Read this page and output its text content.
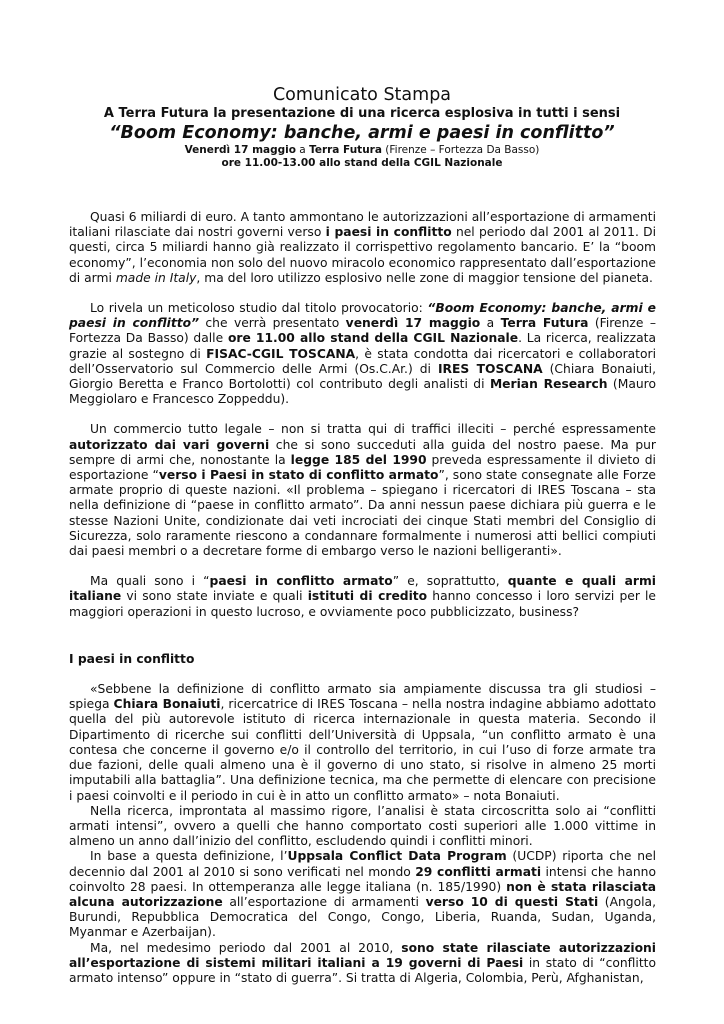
Comunicato Stampa
A Terra Futura la presentazione di una ricerca esplosiva in tutti i sensi
“Boom Economy: banche, armi e paesi in conflitto”
Venerdì 17 maggio a Terra Futura (Firenze – Fortezza Da Basso)
ore 11.00-13.00 allo stand della CGIL Nazionale

Quasi 6 miliardi di euro. A tanto ammontano le autorizzazioni all’esportazione di armamenti italiani rilasciate dai nostri governi verso i paesi in conflitto nel periodo dal 2001 al 2011. Di questi, circa 5 miliardi hanno già realizzato il corrispettivo regolamento bancario. E’ la “boom economy”, l’economia non solo del nuovo miracolo economico rappresentato dall’esportazione di armi made in Italy, ma del loro utilizzo esplosivo nelle zone di maggior tensione del pianeta.

Lo rivela un meticoloso studio dal titolo provocatorio: “Boom Economy: banche, armi e paesi in conflitto” che verrà presentato venerdì 17 maggio a Terra Futura (Firenze – Fortezza Da Basso) dalle ore 11.00 allo stand della CGIL Nazionale. La ricerca, realizzata grazie al sostegno di FISAC-CGIL TOSCANA, è stata condotta dai ricercatori e collaboratori dell’Osservatorio sul Commercio delle Armi (Os.C.Ar.) di IRES TOSCANA (Chiara Bonaiuti, Giorgio Beretta e Franco Bortolotti) col contributo degli analisti di Merian Research (Mauro Meggiolaro e Francesco Zoppeddu).

Un commercio tutto legale – non si tratta qui di traffici illeciti – perché espressamente autorizzato dai vari governi che si sono succeduti alla guida del nostro paese. Ma pur sempre di armi che, nonostante la legge 185 del 1990 preveda espressamente il divieto di esportazione “verso i Paesi in stato di conflitto armato”, sono state consegnate alle Forze armate proprio di queste nazioni. «Il problema – spiegano i ricercatori di IRES Toscana – sta nella definizione di “paese in conflitto armato”. Da anni nessun paese dichiara più guerra e le stesse Nazioni Unite, condizionate dai veti incrociati dei cinque Stati membri del Consiglio di Sicurezza, solo raramente riescono a condannare formalmente i numerosi atti bellici compiuti dai paesi membri o a decretare forme di embargo verso le nazioni belligeranti».

Ma quali sono i “paesi in conflitto armato” e, soprattutto, quante e quali armi italiane vi sono state inviate e quali istituti di credito hanno concesso i loro servizi per le maggiori operazioni in questo lucroso, e ovviamente poco pubblicizzato, business?

I paesi in conflitto

«Sebbene la definizione di conflitto armato sia ampiamente discussa tra gli studiosi – spiega Chiara Bonaiuti, ricercatrice di IRES Toscana – nella nostra indagine abbiamo adottato quella del più autorevole istituto di ricerca internazionale in questa materia. Secondo il Dipartimento di ricerche sui conflitti dell’Università di Uppsala, “un conflitto armato è una contesa che concerne il governo e/o il controllo del territorio, in cui l’uso di forze armate tra due fazioni, delle quali almeno una è il governo di uno stato, si risolve in almeno 25 morti imputabili alla battaglia”. Una definizione tecnica, ma che permette di elencare con precisione i paesi coinvolti e il periodo in cui è in atto un conflitto armato» – nota Bonaiuti.

Nella ricerca, improntata al massimo rigore, l’analisi è stata circoscritta solo ai “conflitti armati intensi”, ovvero a quelli che hanno comportato costi superiori alle 1.000 vittime in almeno un anno dall’inizio del conflitto, escludendo quindi i conflitti minori.

In base a questa definizione, l’Uppsala Conflict Data Program (UCDP) riporta che nel decennio dal 2001 al 2010 si sono verificati nel mondo 29 conflitti armati intensi che hanno coinvolto 28 paesi. In ottemperanza alle legge italiana (n. 185/1990) non è stata rilasciata alcuna autorizzazione all’esportazione di armamenti verso 10 di questi Stati (Angola, Burundi, Repubblica Democratica del Congo, Congo, Liberia, Ruanda, Sudan, Uganda, Myanmar e Azerbaijan).

Ma, nel medesimo periodo dal 2001 al 2010, sono state rilasciate autorizzazioni all’esportazione di sistemi militari italiani a 19 governi di Paesi in stato di “conflitto armato intenso” oppure in “stato di guerra”. Si tratta di Algeria, Colombia, Perù, Afghanistan,
